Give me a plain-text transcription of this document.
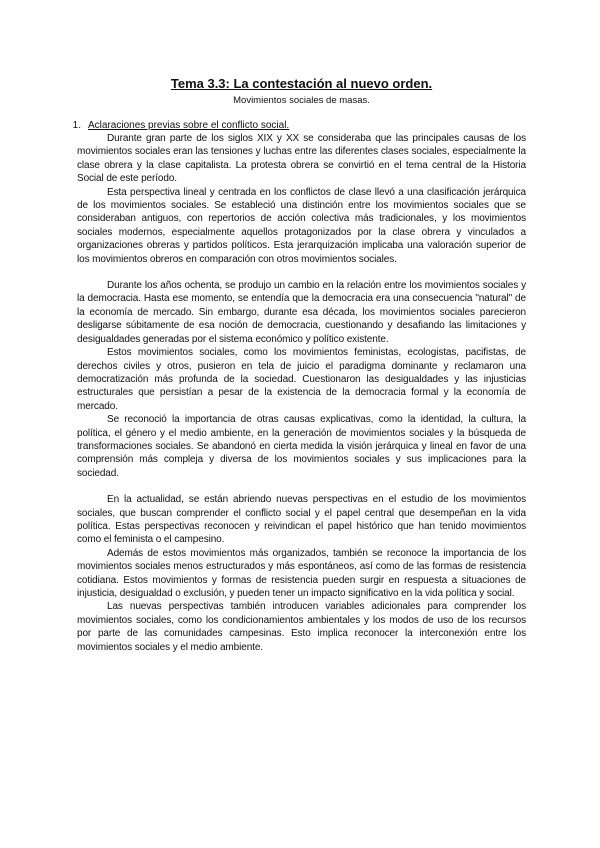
Tema 3.3: La contestación al nuevo orden.

Movimientos sociales de masas.

1. Aclaraciones previas sobre el conflicto social.

Durante gran parte de los siglos XIX y XX se consideraba que las principales causas de los movimientos sociales eran las tensiones y luchas entre las diferentes clases sociales, especialmente la clase obrera y la clase capitalista. La protesta obrera se convirtió en el tema central de la Historia Social de este período.

Esta perspectiva lineal y centrada en los conflictos de clase llevó a una clasificación jerárquica de los movimientos sociales. Se estableció una distinción entre los movimientos sociales que se consideraban antiguos, con repertorios de acción colectiva más tradicionales, y los movimientos sociales modernos, especialmente aquellos protagonizados por la clase obrera y vinculados a organizaciones obreras y partidos políticos. Esta jerarquización implicaba una valoración superior de los movimientos obreros en comparación con otros movimientos sociales.

Durante los años ochenta, se produjo un cambio en la relación entre los movimientos sociales y la democracia. Hasta ese momento, se entendía que la democracia era una consecuencia "natural" de la economía de mercado. Sin embargo, durante esa década, los movimientos sociales parecieron desligarse súbitamente de esa noción de democracia, cuestionando y desafiando las limitaciones y desigualdades generadas por el sistema económico y político existente.

Estos movimientos sociales, como los movimientos feministas, ecologistas, pacifistas, de derechos civiles y otros, pusieron en tela de juicio el paradigma dominante y reclamaron una democratización más profunda de la sociedad. Cuestionaron las desigualdades y las injusticias estructurales que persistían a pesar de la existencia de la democracia formal y la economía de mercado.

Se reconoció la importancia de otras causas explicativas, como la identidad, la cultura, la política, el género y el medio ambiente, en la generación de movimientos sociales y la búsqueda de transformaciones sociales. Se abandonó en cierta medida la visión jerárquica y lineal en favor de una comprensión más compleja y diversa de los movimientos sociales y sus implicaciones para la sociedad.

En la actualidad, se están abriendo nuevas perspectivas en el estudio de los movimientos sociales, que buscan comprender el conflicto social y el papel central que desempeñan en la vida política. Estas perspectivas reconocen y reivindican el papel histórico que han tenido movimientos como el feminista o el campesino.

Además de estos movimientos más organizados, también se reconoce la importancia de los movimientos sociales menos estructurados y más espontáneos, así como de las formas de resistencia cotidiana. Estos movimientos y formas de resistencia pueden surgir en respuesta a situaciones de injusticia, desigualdad o exclusión, y pueden tener un impacto significativo en la vida política y social.

Las nuevas perspectivas también introducen variables adicionales para comprender los movimientos sociales, como los condicionamientos ambientales y los modos de uso de los recursos por parte de las comunidades campesinas. Esto implica reconocer la interconexión entre los movimientos sociales y el medio ambiente.
